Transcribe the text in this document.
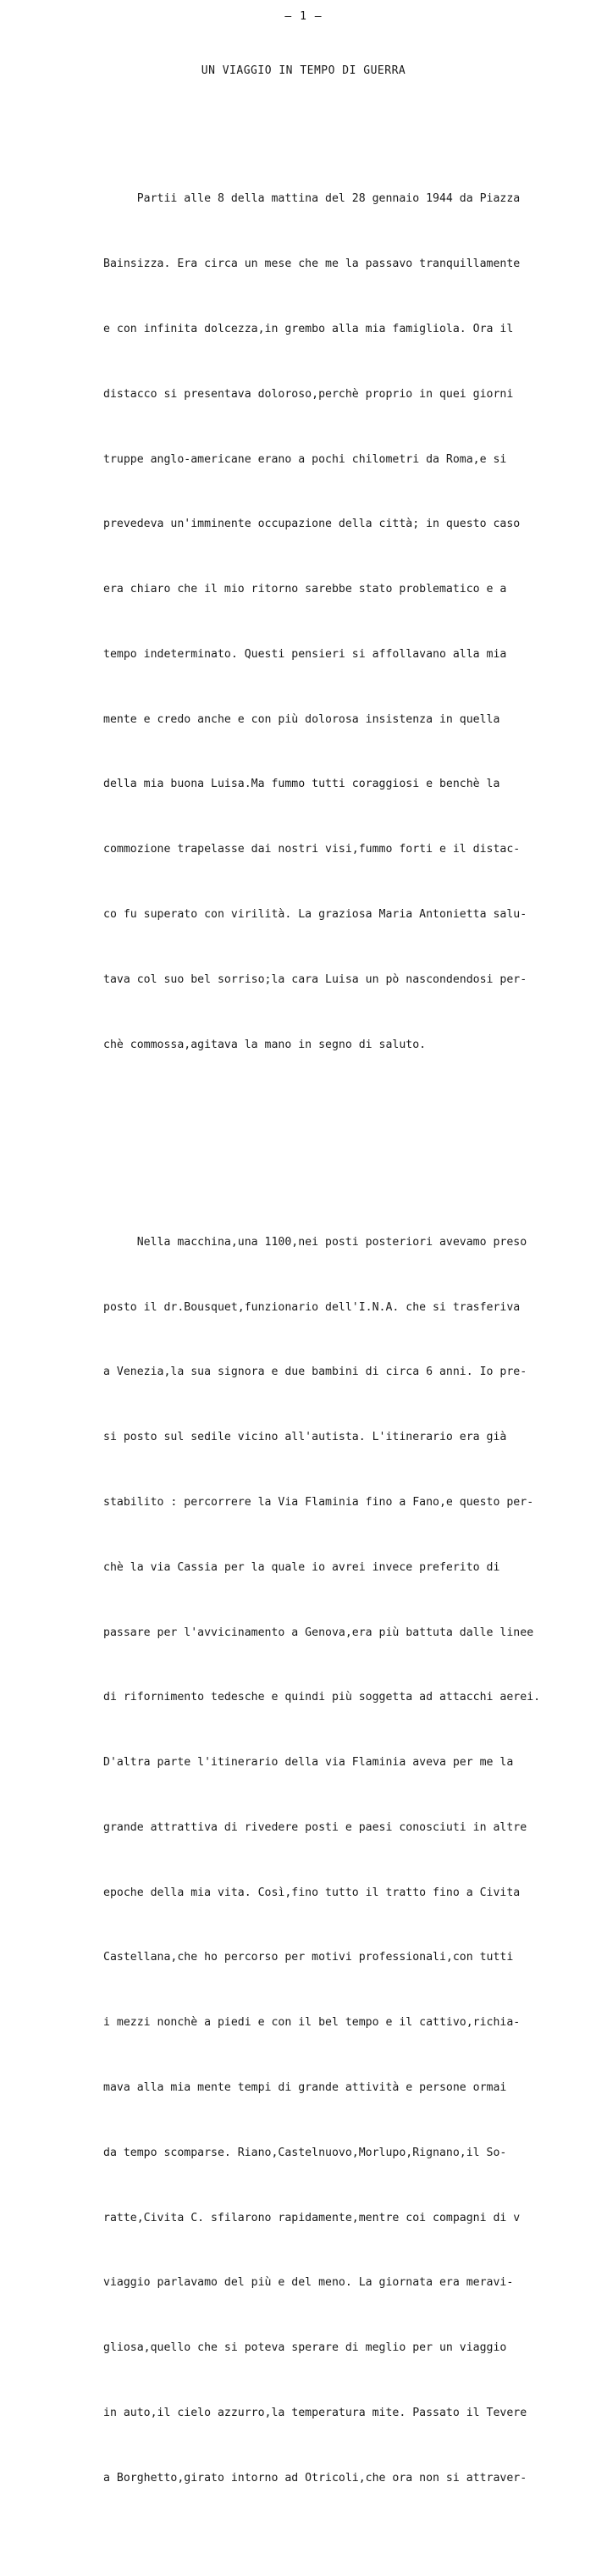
— 1 —
UN VIAGGIO IN TEMPO DI GUERRA

Partii alle 8 della mattina del 28 gennaio 1944 da Piazza

Bainsizza. Era circa un mese che me la passavo tranquillamente

e con infinita dolcezza,in grembo alla mia famigliola. Ora il

distacco si presentava doloroso,perchè proprio in quei giorni

truppe anglo-americane erano a pochi chilometri da Roma,e si

prevedeva un'imminente occupazione della città; in questo caso

era chiaro che il mio ritorno sarebbe stato problematico e a

tempo indeterminato. Questi pensieri si affollavano alla mia

mente e credo anche e con più dolorosa insistenza in quella

della mia buona Luisa.Ma fummo tutti coraggiosi e benchè la

commozione trapelasse dai nostri visi,fummo forti e il distac-

co fu superato con virilità. La graziosa Maria Antonietta salu-

tava col suo bel sorriso;la cara Luisa un pò nascondendosi per-

chè commossa,agitava la mano in segno di saluto.

Nella macchina,una 1100,nei posti posteriori avevamo preso

posto il dr.Bousquet,funzionario dell'I.N.A. che si trasferiva

a Venezia,la sua signora e due bambini di circa 6 anni. Io pre-

si posto sul sedile vicino all'autista. L'itinerario era già

stabilito : percorrere la Via Flaminia fino a Fano,e questo per-

chè la via Cassia per la quale io avrei invece preferito di

passare per l'avvicinamento a Genova,era più battuta dalle linee

di rifornimento tedesche e quindi più soggetta ad attacchi aerei.

D'altra parte l'itinerario della via Flaminia aveva per me la

grande attrattiva di rivedere posti e paesi conosciuti in altre

epoche della mia vita. Così,fino tutto il tratto fino a Civita

Castellana,che ho percorso per motivi professionali,con tutti

i mezzi nonchè a piedi e con il bel tempo e il cattivo,richia-

mava alla mia mente tempi di grande attività e persone ormai

da tempo scomparse. Riano,Castelnuovo,Morlupo,Rignano,il So-

ratte,Civita C. sfilarono rapidamente,mentre coi compagni di v

viaggio parlavamo del più e del meno. La giornata era meravi-

gliosa,quello che si poteva sperare di meglio per un viaggio

in auto,il cielo azzurro,la temperatura mite. Passato il Tevere

a Borghetto,girato intorno ad Otricoli,che ora non si attraver-
